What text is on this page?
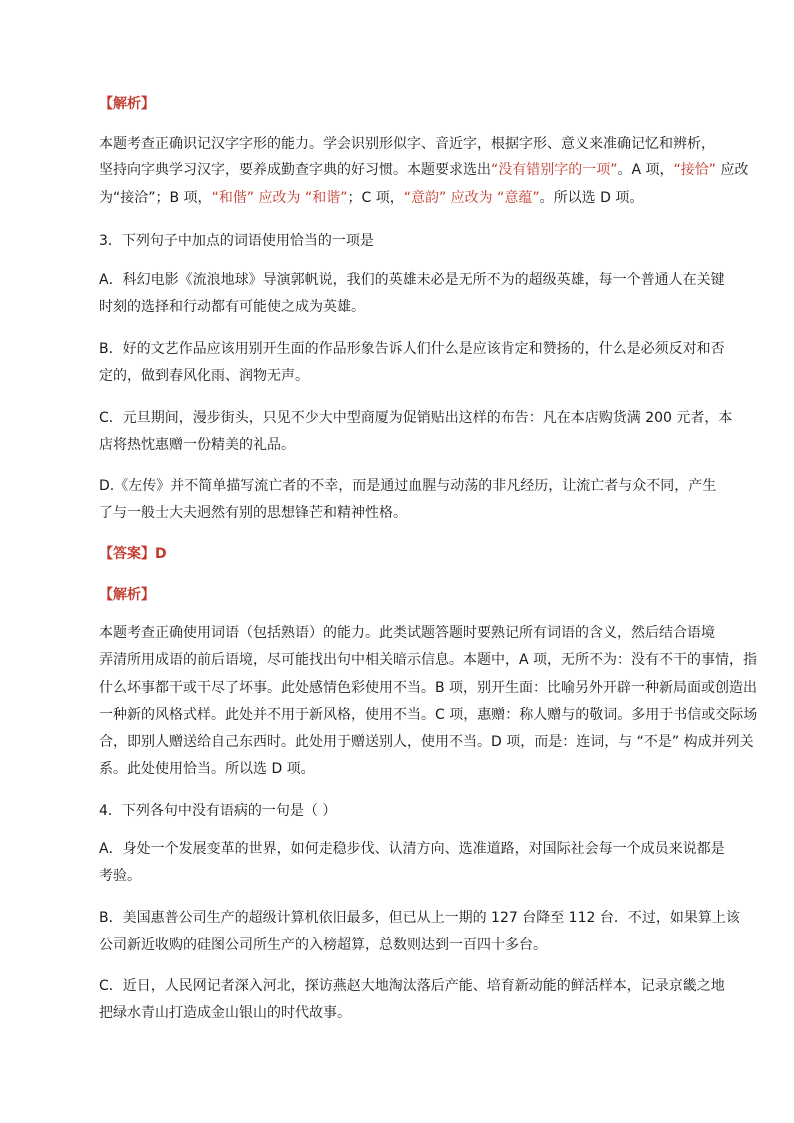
【解析】
本题考查正确识记汉字字形的能力。学会识别形似字、音近字，根据字形、意义来准确记忆和辨析，
坚持向字典学习汉字，要养成勤查字典的好习惯。本题要求选出“没有错别字的一项”。A 项，“接恰” 应改
为“接洽”；B 项，“和偕” 应改为 “和谐”；C 项，“意韵” 应改为 “意蕴”。所以选 D 项。
3．下列句子中加点的词语使用恰当的一项是
A．科幻电影《流浪地球》导演郭帆说，我们的英雄未必是无所不为的超级英雄，每一个普通人在关键
时刻的选择和行动都有可能使之成为英雄。
B．好的文艺作品应该用别开生面的作品形象告诉人们什么是应该肯定和赞扬的，什么是必须反对和否
定的，做到春风化雨、润物无声。
C．元旦期间，漫步街头，只见不少大中型商厦为促销贴出这样的布告：凡在本店购货满 200 元者，本
店将热忱惠赠一份精美的礼品。
D.《左传》并不简单描写流亡者的不幸，而是通过血腥与动荡的非凡经历，让流亡者与众不同，产生
了与一般士大夫迥然有别的思想锋芒和精神性格。
【答案】D
【解析】
本题考查正确使用词语（包括熟语）的能力。此类试题答题时要熟记所有词语的含义，然后结合语境
弄清所用成语的前后语境，尽可能找出句中相关暗示信息。本题中，A 项，无所不为：没有不干的事情，指
什么坏事都干或干尽了坏事。此处感情色彩使用不当。B 项，别开生面：比喻另外开辟一种新局面或创造出
一种新的风格式样。此处并不用于新风格，使用不当。C 项，惠赠：称人赠与的敬词。多用于书信或交际场
合，即别人赠送给自己东西时。此处用于赠送别人，使用不当。D 项，而是：连词，与 “不是” 构成并列关
系。此处使用恰当。所以选 D 项。
4．下列各句中没有语病的一句是（ ）
A．身处一个发展变革的世界，如何走稳步伐、认清方向、选准道路，对国际社会每一个成员来说都是
考验。
B．美国惠普公司生产的超级计算机依旧最多，但已从上一期的 127 台降至 112 台．不过，如果算上该
公司新近收购的硅图公司所生产的入榜超算，总数则达到一百四十多台。
C．近日，人民网记者深入河北，探访燕赵大地淘汰落后产能、培育新动能的鲜活样本，记录京畿之地
把绿水青山打造成金山银山的时代故事。
